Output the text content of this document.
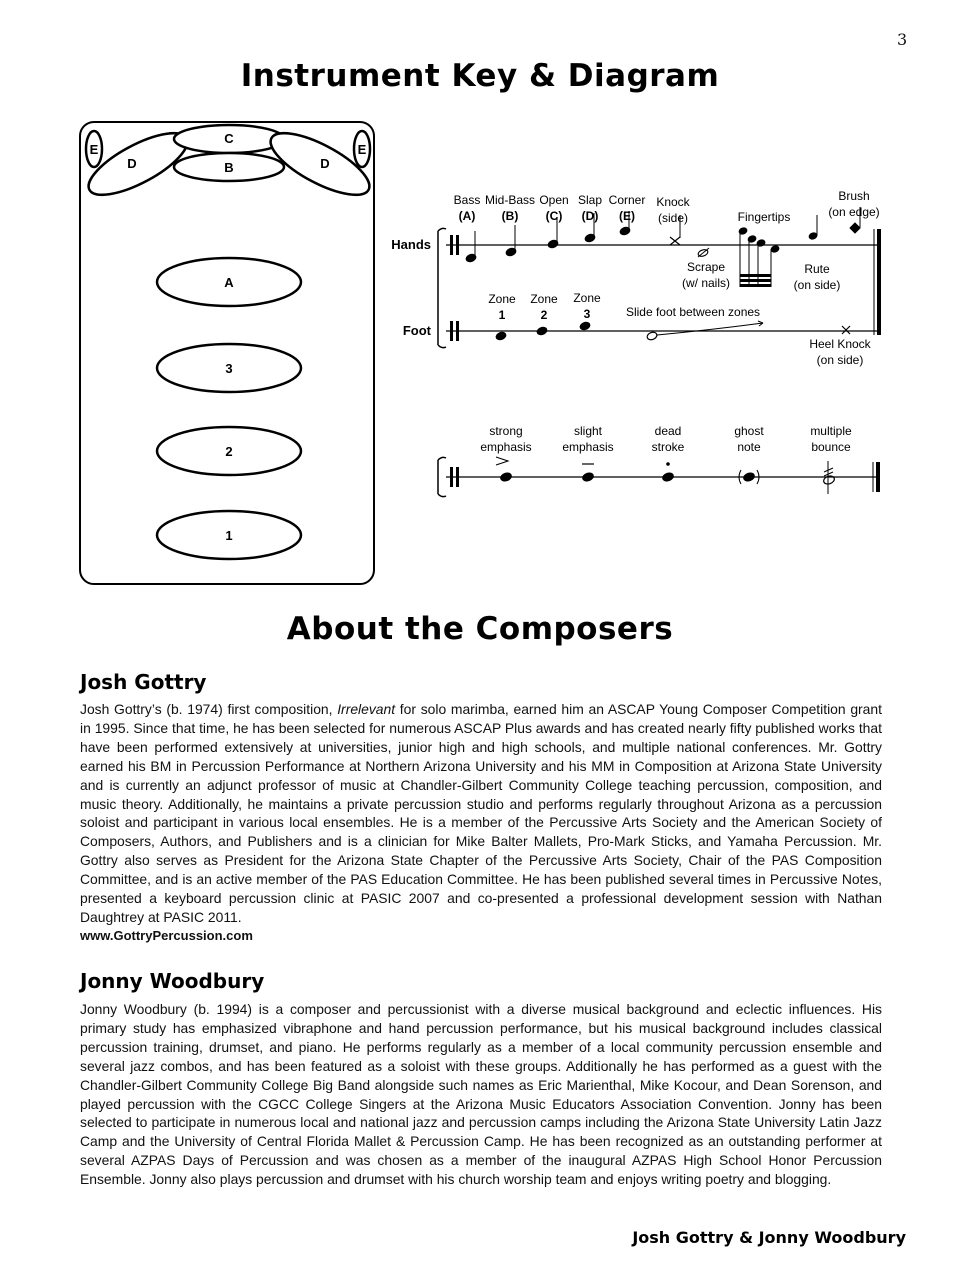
3
Instrument Key & Diagram
E
D
C
B	D
E
A
3
2
1
Bass
(A)
Mid-Bass
(B)
Open
(C)
Slap
(D)
Corner
(E)
Knock
(side)	Fingertips
Brush
(on edge)
Scrape
(w/ nails)
Rute
(on side)
Zone
1
Zone
2
Zone
3	Slide foot between zones
Heel Knock
(on side)
Hands
Foot
strong
emphasis
slight
emphasis
dead
stroke
ghost
note
multiple
bounce
About the Composers
Josh Gottry
Josh Gottry’s (b. 1974) first composition, Irrelevant for solo marimba, earned him an ASCAP Young Composer Competition grant in 1995. Since that time, he has been selected for numerous ASCAP Plus awards and has created nearly fifty published works that have been performed extensively at universities, junior high and high schools, and multiple national conferences. Mr. Gottry earned his BM in Percussion Performance at Northern Arizona University and his MM in Composition at Arizona State University and is currently an adjunct professor of music at Chandler-Gilbert Community College teaching percussion, composition, and music theory. Additionally, he maintains a private percussion studio and performs regularly throughout Arizona as a percussion soloist and participant in various local ensembles. He is a member of the Percussive Arts Society and the American Society of Composers, Authors, and Publishers and is a clinician for Mike Balter Mallets, Pro-Mark Sticks, and Yamaha Percussion. Mr. Gottry also serves as President for the Arizona State Chapter of the Percussive Arts Society, Chair of the PAS Composition Committee, and is an active member of the PAS Education Committee. He has been published several times in Percussive Notes, presented a keyboard percussion clinic at PASIC 2007 and co-presented a professional development session with Nathan Daughtrey at PASIC 2011.
www.GottryPercussion.com
Jonny Woodbury
Jonny Woodbury (b. 1994) is a composer and percussionist with a diverse musical background and eclectic influences. His primary study has emphasized vibraphone and hand percussion performance, but his musical background includes classical percussion training, drumset, and piano. He performs regularly as a member of a local community percussion ensemble and several jazz combos, and has been featured as a soloist with these groups. Additionally he has performed as a guest with the Chandler-Gilbert Community College Big Band alongside such names as Eric Marienthal, Mike Kocour, and Dean Sorenson, and played percussion with the CGCC College Singers at the Arizona Music Educators Association Convention. Jonny has been selected to participate in numerous local and national jazz and percussion camps including the Arizona State University Latin Jazz Camp and the University of Central Florida Mallet & Percussion Camp. He has been recognized as an outstanding performer at several AZPAS Days of Percussion and was chosen as a member of the inaugural AZPAS High School Honor Percussion Ensemble. Jonny also plays percussion and drumset with his church worship team and enjoys writing poetry and blogging.
Josh Gottry & Jonny Woodbury
